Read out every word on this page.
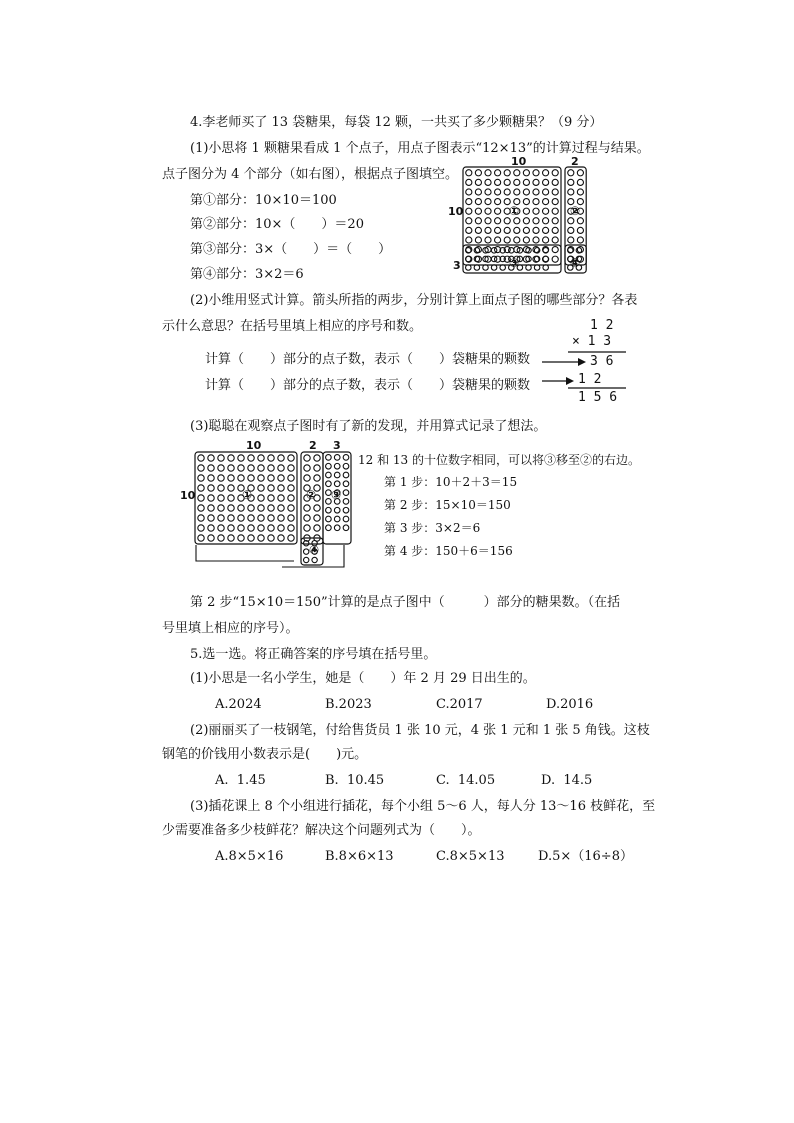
4.李老师买了 13 袋糖果，每袋 12 颗，一共买了多少颗糖果？（9 分）
(1)小思将 1 颗糖果看成 1 个点子，用点子图表示“12×13”的计算过程与结果。
点子图分为 4 个部分（如右图），根据点子图填空。
第①部分：10×10＝100
第②部分：10×（　　）＝20
第③部分：3×（　　）＝（　　）
第④部分：3×2＝6
10	2
10
3
①	②
③	④
(2)小维用竖式计算。箭头所指的两步，分别计算上面点子图的哪些部分？各表
示什么意思？在括号里填上相应的序号和数。
计算（　　）部分的点子数，表示（　　）袋糖果的颗数
计算（　　）部分的点子数，表示（　　）袋糖果的颗数
1 2
× 1 3
3 6
1 2
1 5 6
(3)聪聪在观察点子图时有了新的发现，并用算式记录了想法。
10	2 3
10	①	② ③
④
12 和 13 的十位数字相同，可以将③移至②的右边。
第 1 步：10＋2＋3＝15
第 2 步：15×10＝150
第 3 步：3×2＝6
第 4 步：150＋6＝156
第 2 步“15×10＝150”计算的是点子图中（　　　）部分的糖果数。（在括
号里填上相应的序号）。
5.选一选。将正确答案的序号填在括号里。
(1)小思是一名小学生，她是（　　）年 2 月 29 日出生的。
A.2024	B.2023	C.2017	D.2016
(2)丽丽买了一枝钢笔，付给售货员 1 张 10 元，4 张 1 元和 1 张 5 角钱。这枝
钢笔的价钱用小数表示是(　　)元。
A.  1.45	B.  10.45	C.  14.05	D.  14.5
(3)插花课上 8 个小组进行插花，每个小组 5～6 人，每人分 13～16 枝鲜花，至
少需要准备多少枝鲜花？解决这个问题列式为（　　）。
A.8×5×16	B.8×6×13	C.8×5×13	D.5×（16÷8）
